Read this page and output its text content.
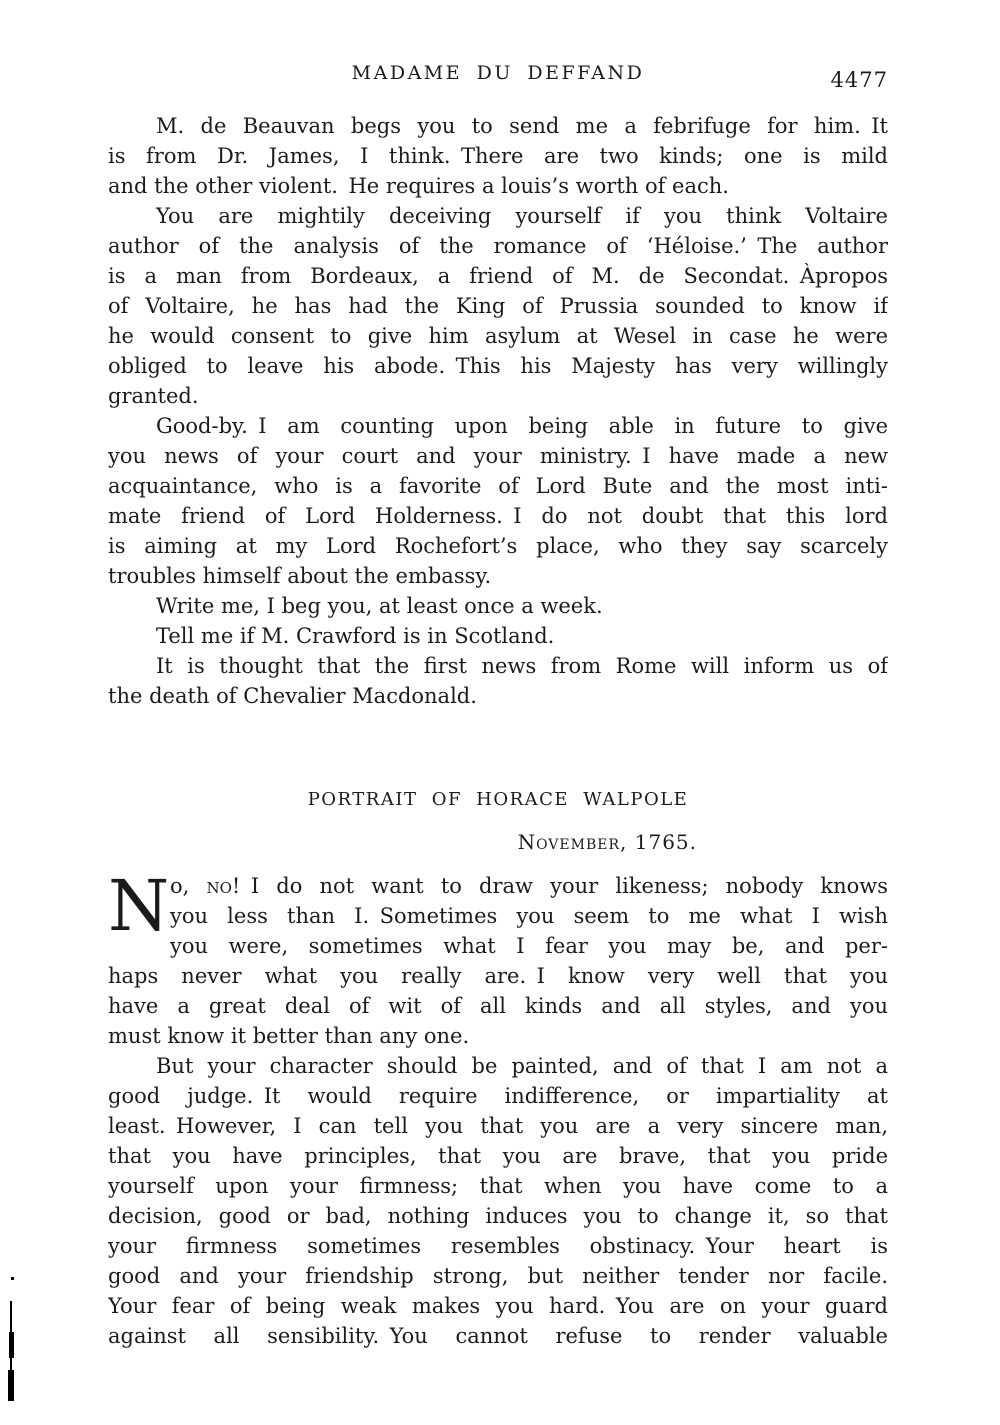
MADAME DU DEFFAND	4477
M. de Beauvan begs you to send me a febrifuge for him. It
is from Dr. James, I think. There are two kinds; one is mild
and the other violent. He requires a louis’s worth of each.
You are mightily deceiving yourself if you think Voltaire
author of the analysis of the romance of ‘Héloise.’ The author
is a man from Bordeaux, a friend of M. de Secondat. Àpropos
of Voltaire, he has had the King of Prussia sounded to know if
he would consent to give him asylum at Wesel in case he were
obliged to leave his abode. This his Majesty has very willingly
granted.
Good-by. I am counting upon being able in future to give
you news of your court and your ministry. I have made a new
acquaintance, who is a favorite of Lord Bute and the most inti-
mate friend of Lord Holderness. I do not doubt that this lord
is aiming at my Lord Rochefort’s place, who they say scarcely
troubles himself about the embassy.
Write me, I beg you, at least once a week.
Tell me if M. Crawford is in Scotland.
It is thought that the first news from Rome will inform us of
the death of Chevalier Macdonald.
PORTRAIT OF HORACE WALPOLE
November, 1765.
N o, no! I do not want to draw your likeness; nobody knows
you less than I. Sometimes you seem to me what I wish
you were, sometimes what I fear you may be, and per-
haps never what you really are. I know very well that you
have a great deal of wit of all kinds and all styles, and you
must know it better than any one.
But your character should be painted, and of that I am not a
good judge. It would require indifference, or impartiality at
least. However, I can tell you that you are a very sincere man,
that you have principles, that you are brave, that you pride
yourself upon your firmness; that when you have come to a
decision, good or bad, nothing induces you to change it, so that
your firmness sometimes resembles obstinacy. Your heart is
good and your friendship strong, but neither tender nor facile.
Your fear of being weak makes you hard. You are on your guard
against all sensibility. You cannot refuse to render valuable
